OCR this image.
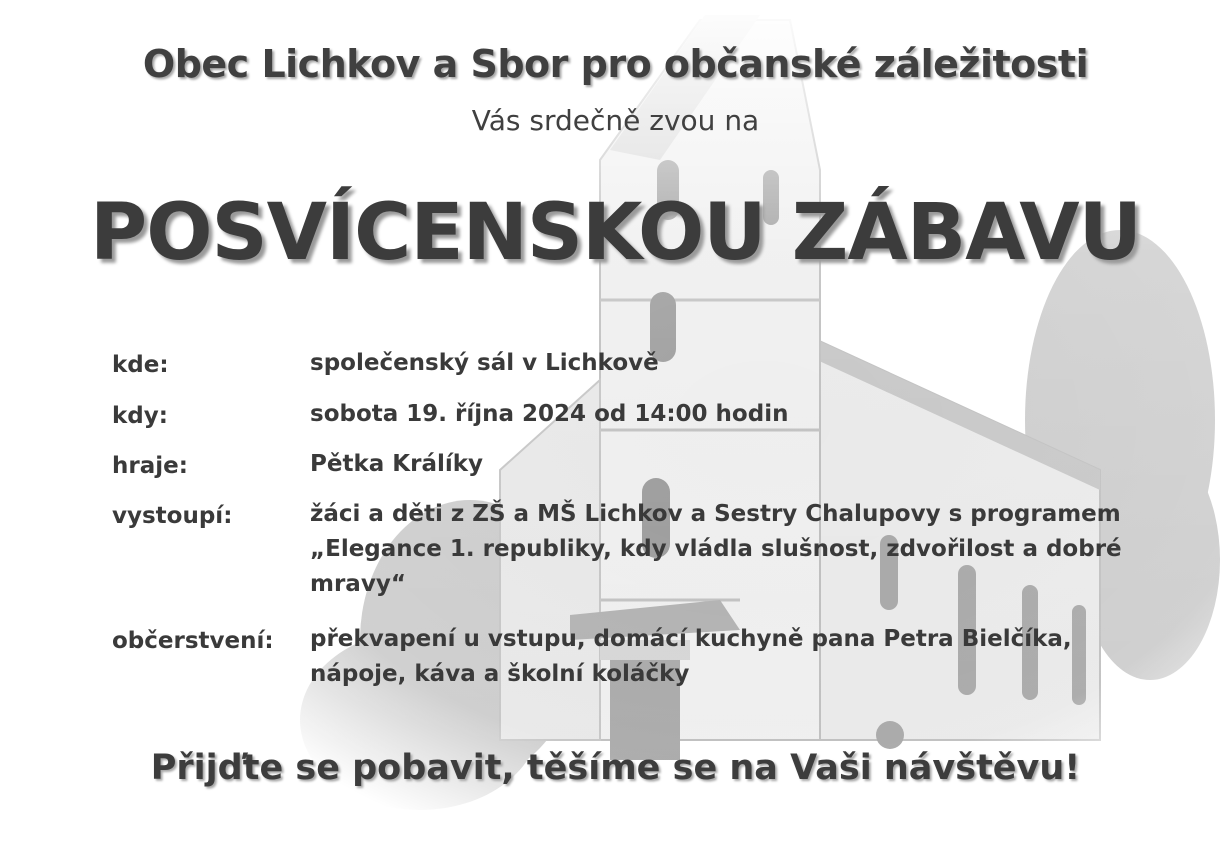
Obec Lichkov a Sbor pro občanské záležitosti
Vás srdečně zvou na
POSVÍCENSKOU ZÁBAVU
kde:	společenský sál v Lichkově
kdy:	sobota 19. října 2024 od 14:00 hodin
hraje:	Pětka Králíky
vystoupí:	žáci a děti z ZŠ a MŠ Lichkov a Sestry Chalupovy s programem „Elegance 1. republiky, kdy vládla slušnost, zdvořilost a dobré mravy“
občerstvení: překvapení u vstupu, domácí kuchyně pana Petra Bielčíka, nápoje, káva a školní koláčky
Přijďte se pobavit, těšíme se na Vaši návštěvu!
